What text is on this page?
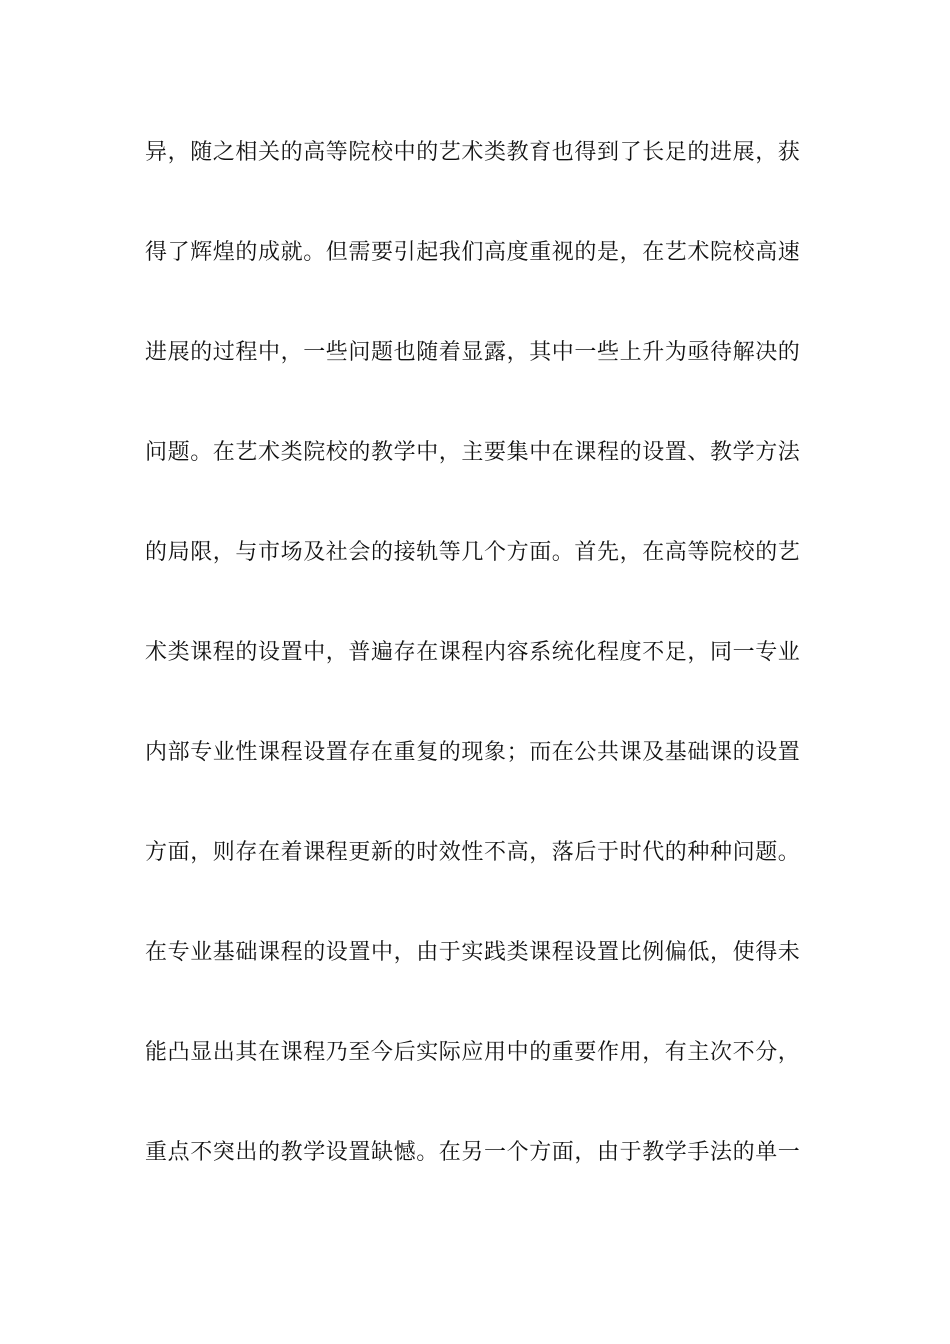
异，随之相关的高等院校中的艺术类教育也得到了长足的进展，获
得了辉煌的成就。但需要引起我们高度重视的是，在艺术院校高速
进展的过程中，一些问题也随着显露，其中一些上升为亟待解决的
问题。在艺术类院校的教学中，主要集中在课程的设置、教学方法
的局限，与市场及社会的接轨等几个方面。首先，在高等院校的艺
术类课程的设置中，普遍存在课程内容系统化程度不足，同一专业
内部专业性课程设置存在重复的现象；而在公共课及基础课的设置
方面，则存在着课程更新的时效性不高，落后于时代的种种问题。
在专业基础课程的设置中，由于实践类课程设置比例偏低，使得未
能凸显出其在课程乃至今后实际应用中的重要作用，有主次不分，
重点不突出的教学设置缺憾。在另一个方面，由于教学手法的单一
